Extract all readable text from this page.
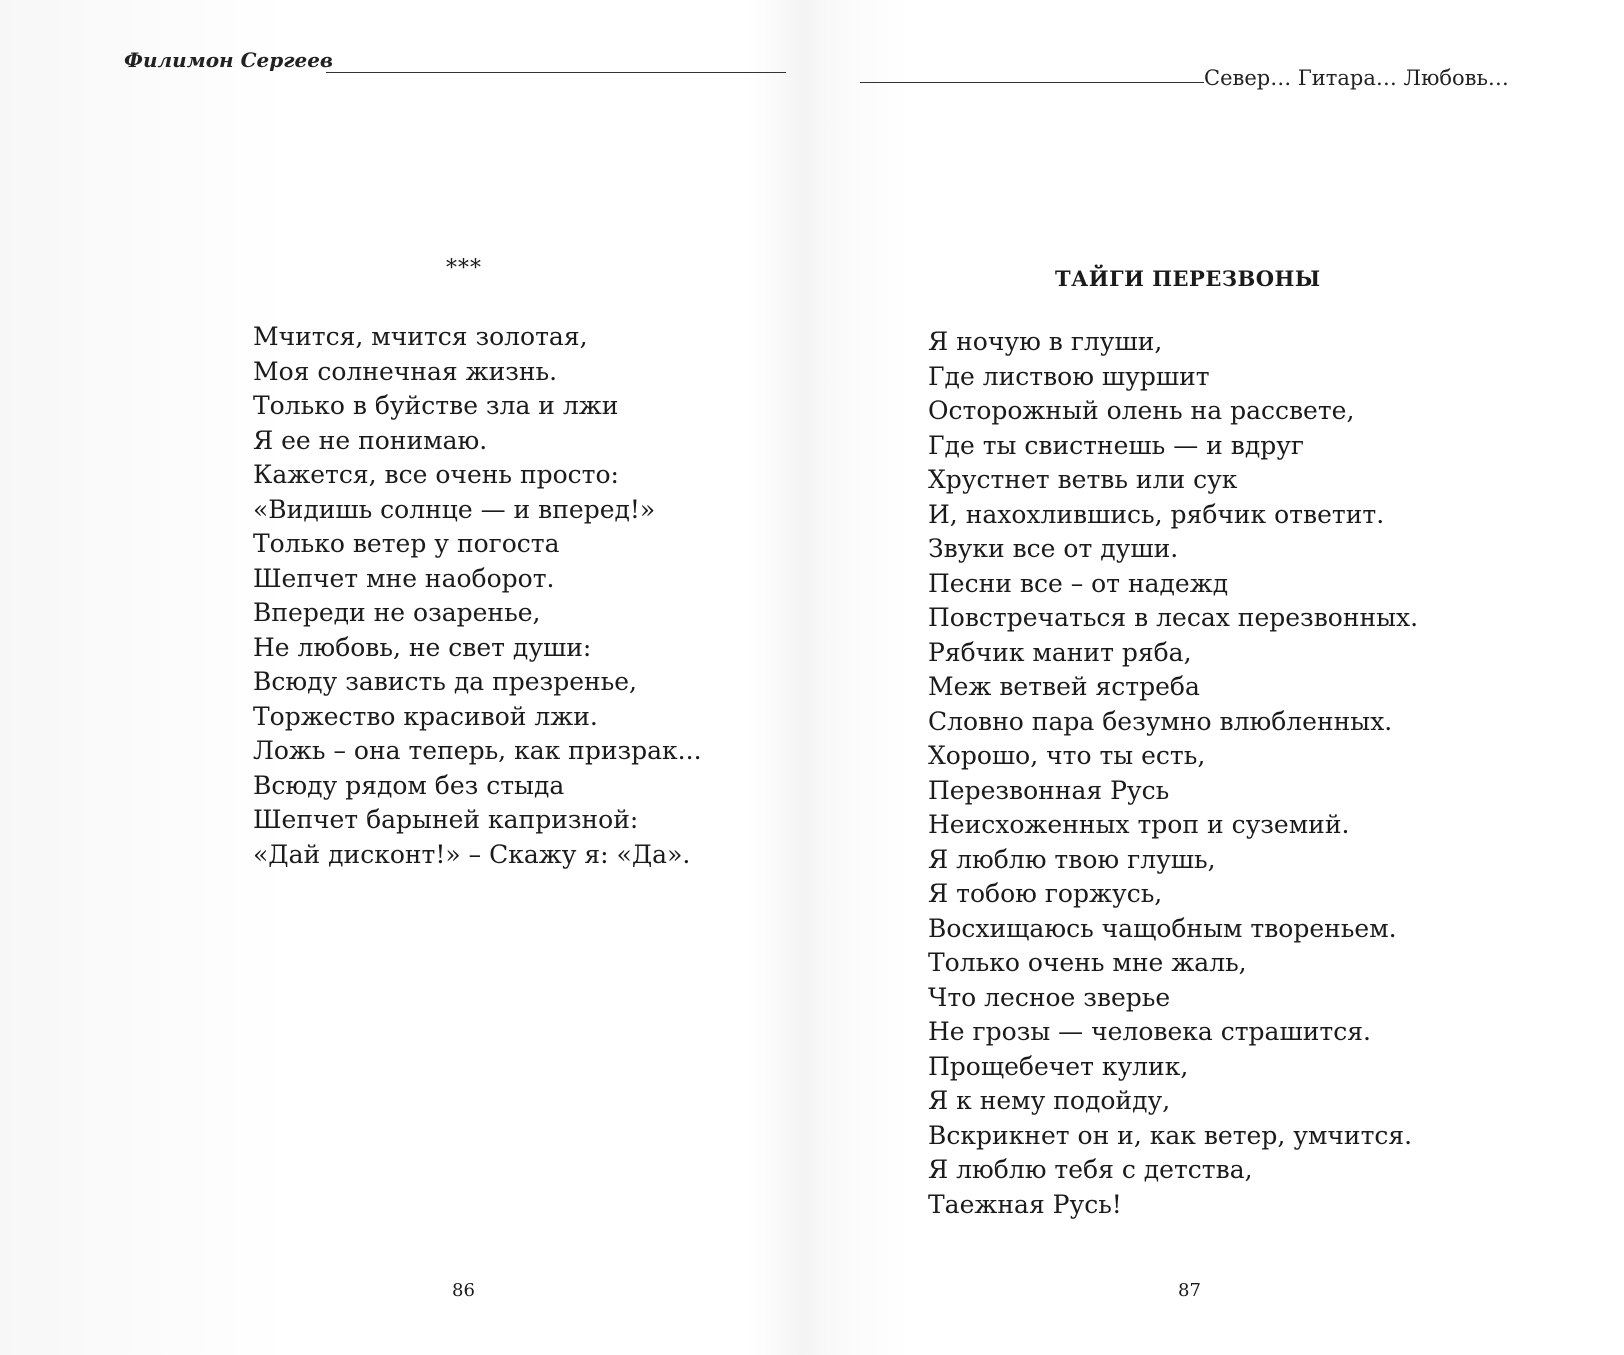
Филимон Сергеев
***
Мчится, мчится золотая,
Моя солнечная жизнь.
Только в буйстве зла и лжи
Я ее не понимаю.
Кажется, все очень просто:
«Видишь солнце — и вперед!»
Только ветер у погоста
Шепчет мне наоборот.
Впереди не озаренье,
Не любовь, не свет души:
Всюду зависть да презренье,
Торжество красивой лжи.
Ложь – она теперь, как призрак...
Всюду рядом без стыда
Шепчет барыней капризной:
«Дай дисконт!» – Скажу я: «Да».
86
Север… Гитара… Любовь…
ТАЙГИ ПЕРЕЗВОНЫ
Я ночую в глуши,
Где листвою шуршит
Осторожный олень на рассвете,
Где ты свистнешь — и вдруг
Хрустнет ветвь или сук
И, нахохлившись, рябчик ответит.
Звуки все от души.
Песни все – от надежд
Повстречаться в лесах перезвонных.
Рябчик манит ряба,
Меж ветвей ястреба
Словно пара безумно влюбленных.
Хорошо, что ты есть,
Перезвонная Русь
Неисхоженных троп и суземий.
Я люблю твою глушь,
Я тобою горжусь,
Восхищаюсь чащобным твореньем.
Только очень мне жаль,
Что лесное зверье
Не грозы — человека страшится.
Прощебечет кулик,
Я к нему подойду,
Вскрикнет он и, как ветер, умчится.
Я люблю тебя с детства,
Таежная Русь!
87
